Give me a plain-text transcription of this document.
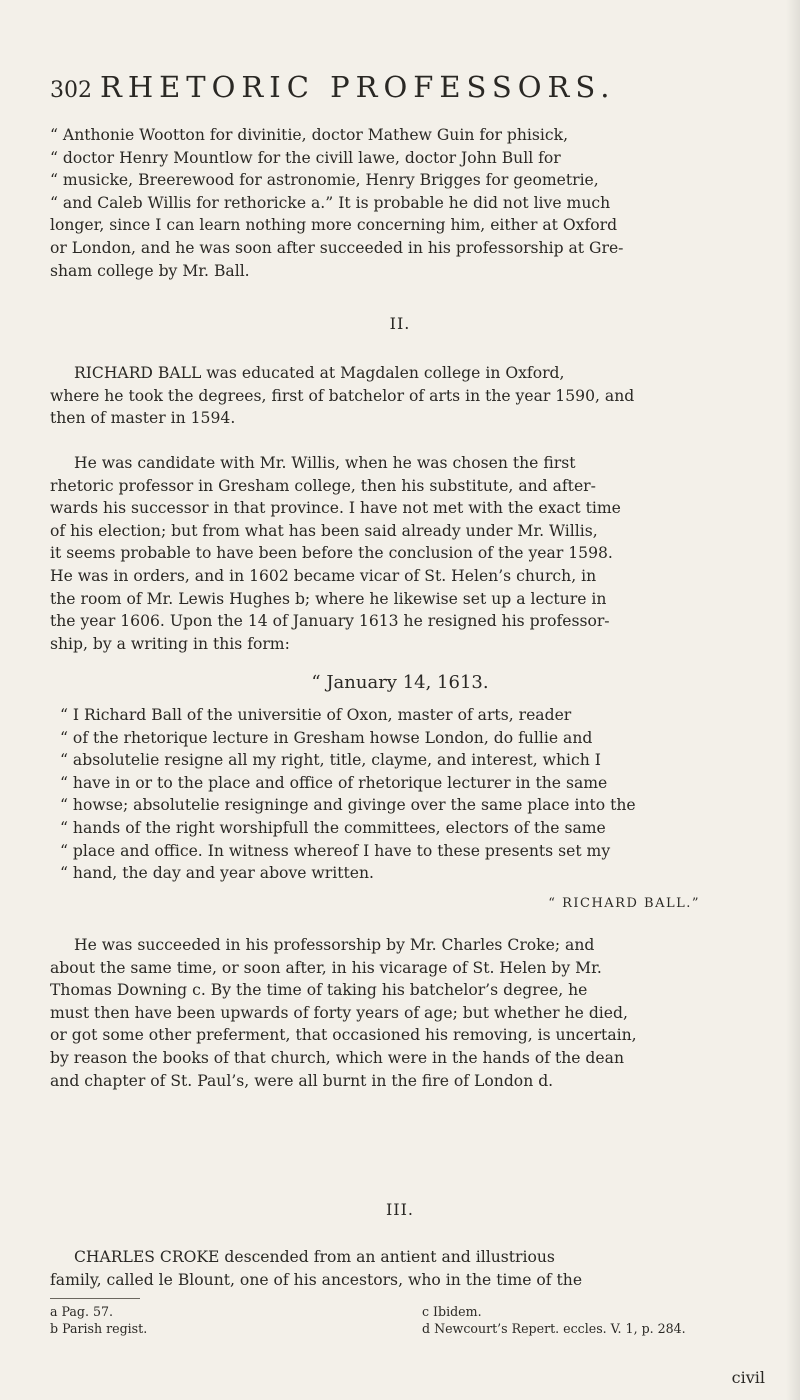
302 RHETORIC PROFESSORS.

“ Anthonie Wootton for divinitie, doctor Mathew Guin for phisick,

“ doctor Henry Mountlow for the civill lawe, doctor John Bull for

“ musicke, Breerewood for astronomie, Henry Brigges for geometrie,

“ and Caleb Willis for rethoricke a.” It is probable he did not live much

longer, since I can learn nothing more concerning him, either at Oxford

or London, and he was soon after succeeded in his professorship at Gre-

sham college by Mr. Ball.

II.

RICHARD BALL was educated at Magdalen college in Oxford,

where he took the degrees, first of batchelor of arts in the year 1590, and

then of master in 1594.

He was candidate with Mr. Willis, when he was chosen the first

rhetoric professor in Gresham college, then his substitute, and after-

wards his successor in that province. I have not met with the exact time

of his election; but from what has been said already under Mr. Willis,

it seems probable to have been before the conclusion of the year 1598.

He was in orders, and in 1602 became vicar of St. Helen’s church, in

the room of Mr. Lewis Hughes b; where he likewise set up a lecture in

the year 1606. Upon the 14 of January 1613 he resigned his professor-

ship, by a writing in this form:

“ January 14, 1613.

“ I Richard Ball of the universitie of Oxon, master of arts, reader

“ of the rhetorique lecture in Gresham howse London, do fullie and

“ absolutelie resigne all my right, title, clayme, and interest, which I

“ have in or to the place and office of rhetorique lecturer in the same

“ howse; absolutelie resigninge and givinge over the same place into the

“ hands of the right worshipfull the committees, electors of the same

“ place and office. In witness whereof I have to these presents set my

“ hand, the day and year above written.

“ RICHARD BALL.”

He was succeeded in his professorship by Mr. Charles Croke; and

about the same time, or soon after, in his vicarage of St. Helen by Mr.

Thomas Downing c. By the time of taking his batchelor’s degree, he

must then have been upwards of forty years of age; but whether he died,

or got some other preferment, that occasioned his removing, is uncertain,

by reason the books of that church, which were in the hands of the dean

and chapter of St. Paul’s, were all burnt in the fire of London d.

III.

CHARLES CROKE descended from an antient and illustrious

family, called le Blount, one of his ancestors, who in the time of the

a Pag. 57.
b Parish regist.
c Ibidem.
d Newcourt’s Repert. eccles. V. 1, p. 284.
civil
